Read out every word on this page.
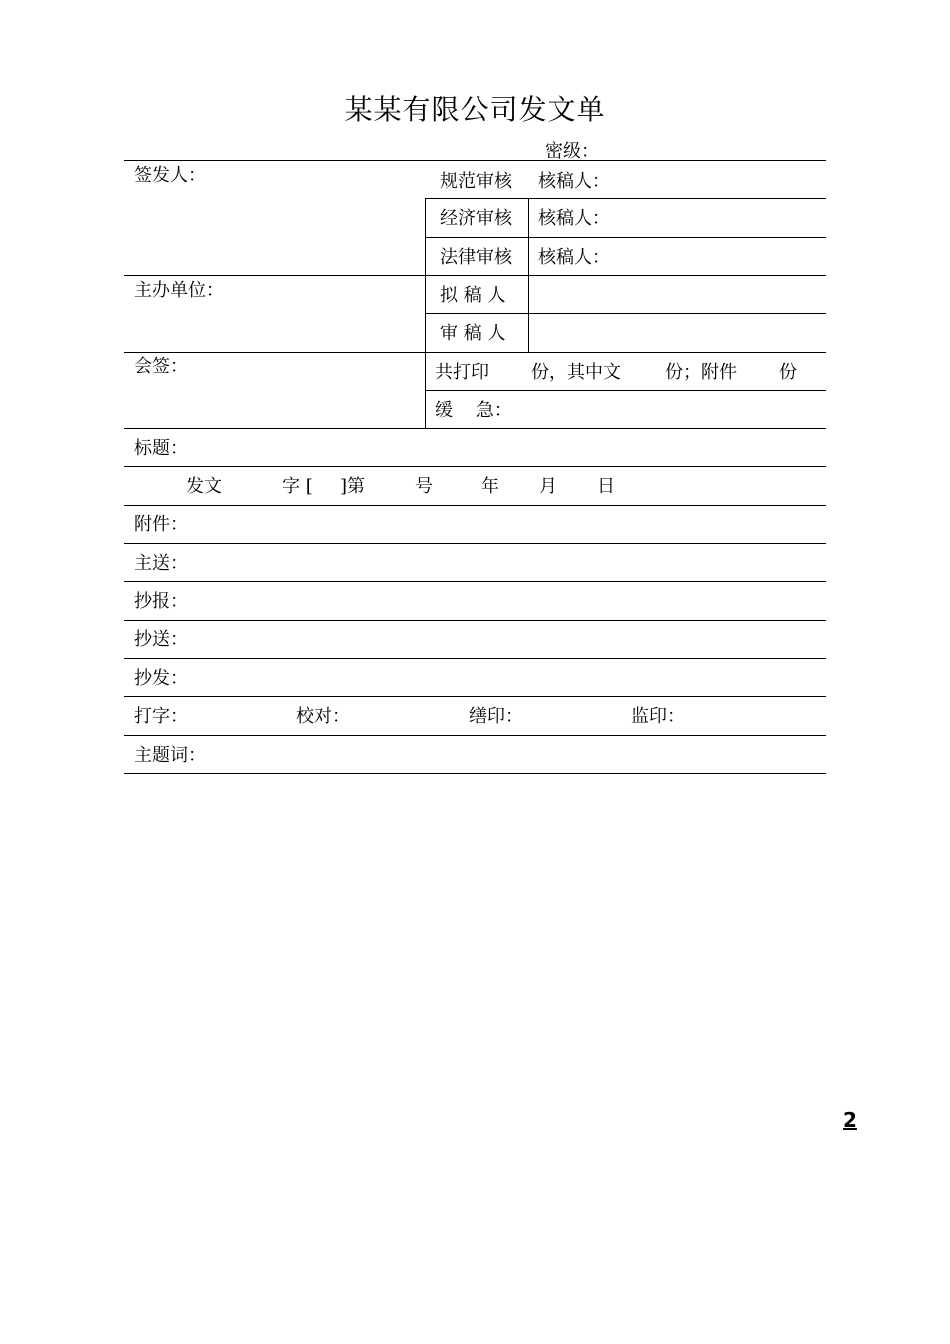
某某有限公司发文单
密级：
签发人：	规范审核 核稿人：
经济审核 核稿人：
法律审核 核稿人：
主办单位：	拟 稿 人
审 稿 人
会签：	共打印 份，其中文 份；附件 份
缓    急：
标题：
发文	字 [ ]第	号	年 月 日
附件：
主送：
抄报：
抄送：
抄发：
打字：	校对：	缮印：	监印：
主题词：
2
